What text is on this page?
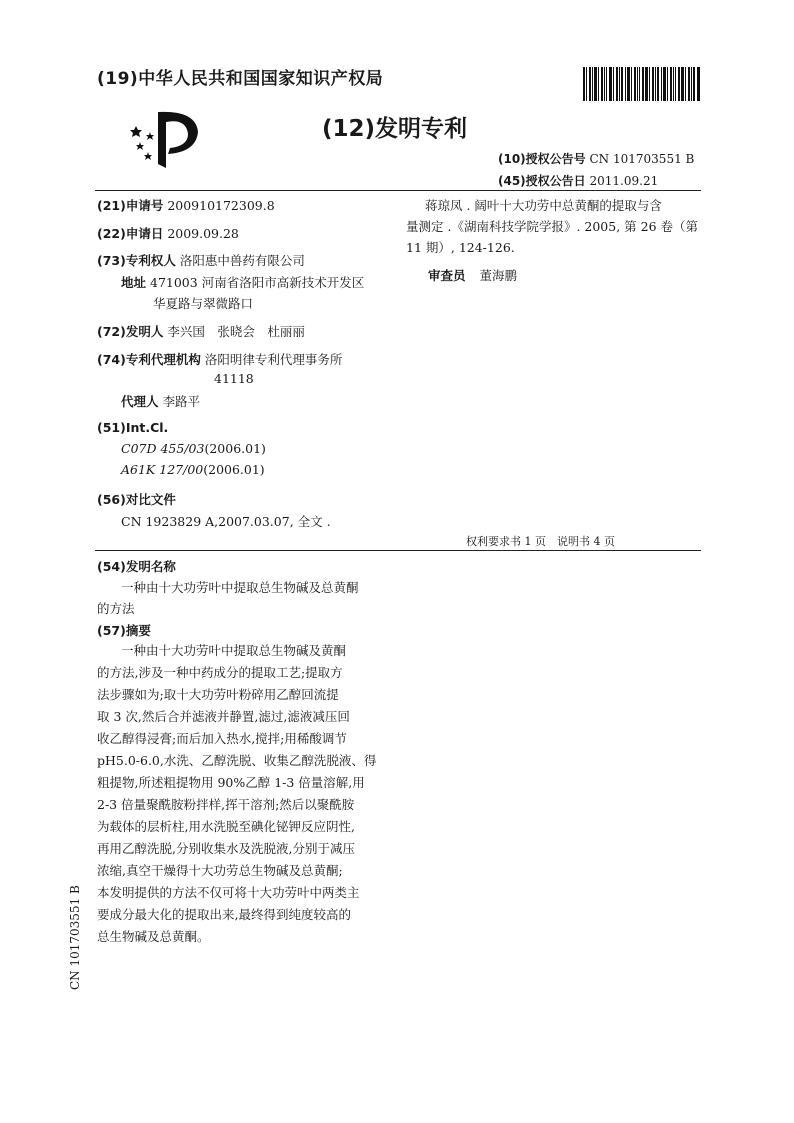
(19)中华人民共和国国家知识产权局
(12)发明专利
(10)授权公告号 CN 101703551 B
(45)授权公告日 2011.09.21
(21)申请号 200910172309.8
(22)申请日 2009.09.28
(73)专利权人 洛阳惠中兽药有限公司
地址 471003 河南省洛阳市高新技术开发区
华夏路与翠微路口
(72)发明人 李兴国　张晓会　杜丽丽
(74)专利代理机构 洛阳明律专利代理事务所
41118
代理人 李路平
(51)Int.Cl.
C07D 455/03(2006.01)
A61K 127/00(2006.01)
(56)对比文件
CN 1923829 A,2007.03.07, 全文 .
蒋琼凤 . 阔叶十大功劳中总黄酮的提取与含
量测定 .《湖南科技学院学报》. 2005, 第 26 卷（第
11 期）, 124-126.
审查员 董海鹏
权利要求书 1 页　说明书 4 页
(54)发明名称
一种由十大功劳叶中提取总生物碱及总黄酮
的方法
(57)摘要
一种由十大功劳叶中提取总生物碱及黄酮
的方法,涉及一种中药成分的提取工艺;提取方
法步骤如为;取十大功劳叶粉碎用乙醇回流提
取 3 次,然后合并滤液并静置,滤过,滤液减压回
收乙醇得浸膏;而后加入热水,搅拌;用稀酸调节
pH5.0-6.0,水洗、乙醇洗脱、收集乙醇洗脱液、得
粗提物,所述粗提物用 90%乙醇 1-3 倍量溶解,用
2-3 倍量聚酰胺粉拌样,挥干溶剂;然后以聚酰胺
为载体的层析柱,用水洗脱至碘化铋钾反应阴性,
再用乙醇洗脱,分别收集水及洗脱液,分别于减压
浓缩,真空干燥得十大功劳总生物碱及总黄酮;
本发明提供的方法不仅可将十大功劳叶中两类主
要成分最大化的提取出来,最终得到纯度较高的
总生物碱及总黄酮。
CN 101703551 B
